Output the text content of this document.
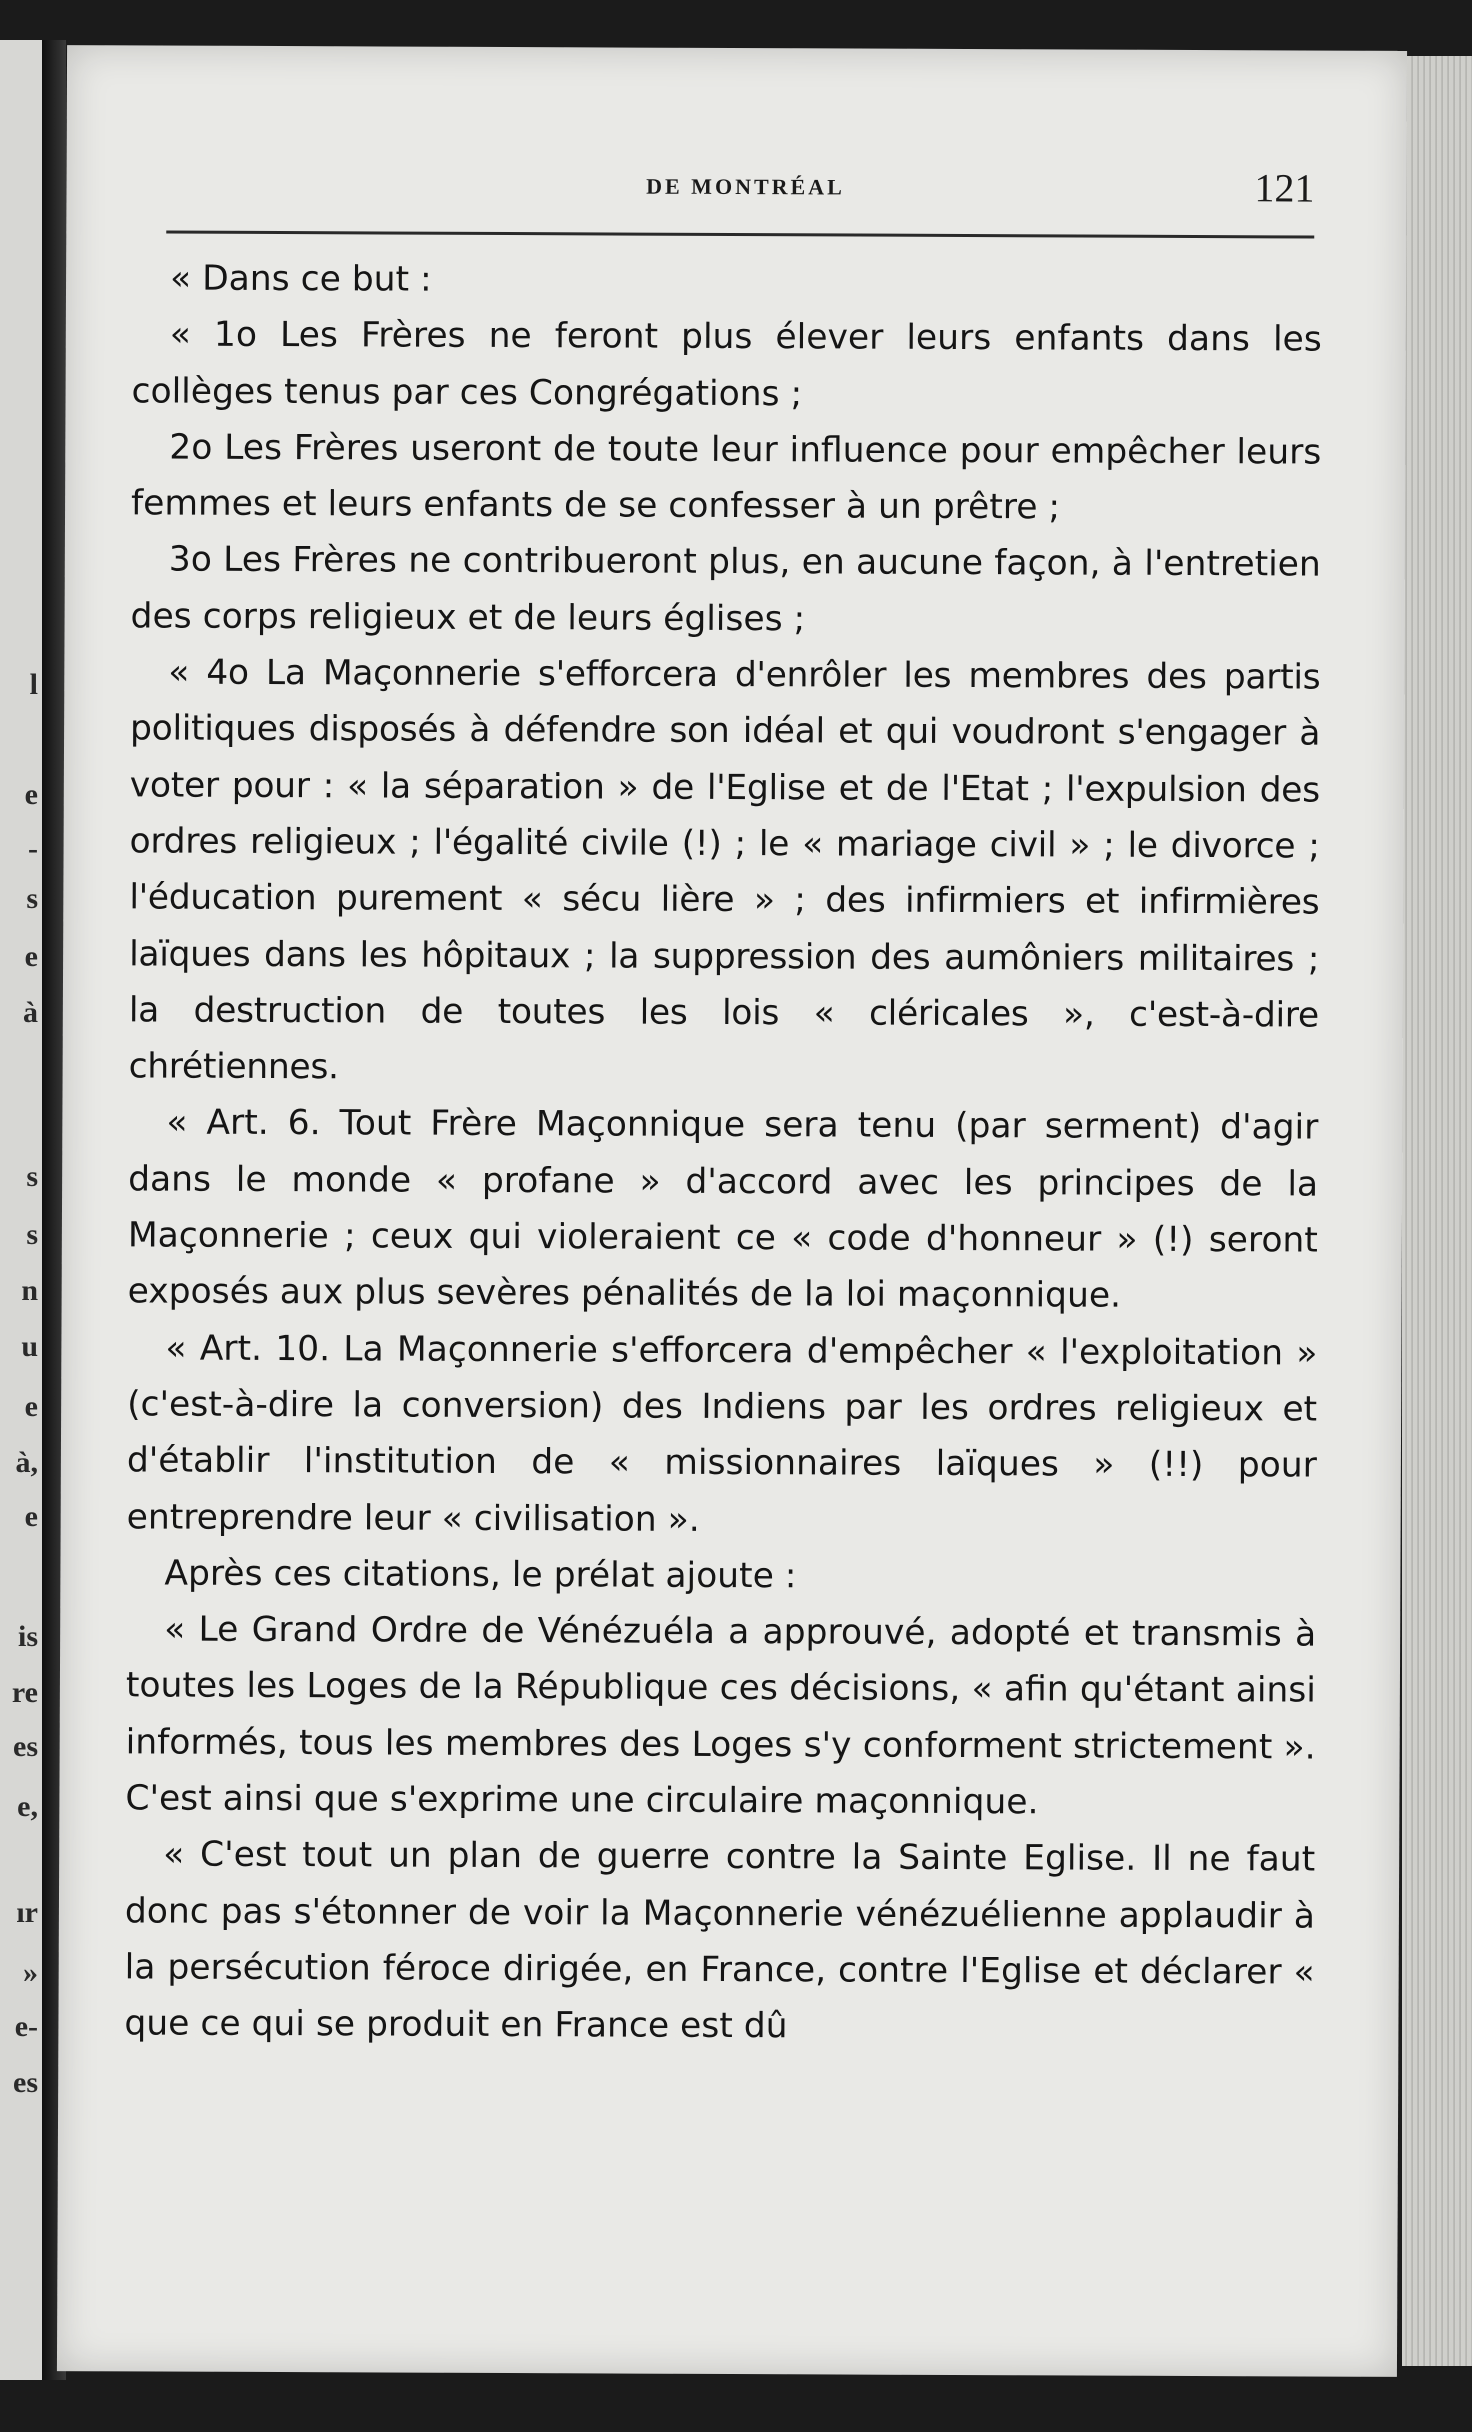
l
e
-
s
e
à
s
s
n
u
e
à,
e
is
re
es
e,
ır
»
e-
es
DE MONTRÉAL	121

« Dans ce but :

« 1o Les Frères ne feront plus élever leurs enfants dans les collèges tenus par ces Congrégations ;

2o Les Frères useront de toute leur influence pour empêcher leurs femmes et leurs enfants de se confesser à un prêtre ;

3o Les Frères ne contribueront plus, en aucune façon, à l'entretien des corps religieux et de leurs églises ;

« 4o La Maçonnerie s'efforcera d'enrôler les membres des partis politiques disposés à défendre son idéal et qui voudront s'engager à voter pour : « la séparation » de l'Eglise et de l'Etat ; l'expulsion des ordres religieux ; l'égalité civile (!) ; le « mariage civil » ; le divorce ; l'éducation purement « sécu lière » ; des infirmiers et infirmières laïques dans les hôpitaux ; la suppression des aumôniers militaires ; la destruction de toutes les lois « cléricales », c'est-à-dire chrétiennes.

« Art. 6. Tout Frère Maçonnique sera tenu (par serment) d'agir dans le monde « profane » d'accord avec les principes de la Maçonnerie ; ceux qui violeraient ce « code d'honneur » (!) seront exposés aux plus sevères pénalités de la loi maçonnique.

« Art. 10. La Maçonnerie s'efforcera d'empêcher « l'exploitation » (c'est-à-dire la conversion) des Indiens par les ordres religieux et d'établir l'institution de « missionnaires laïques » (!!) pour entreprendre leur « civilisation ».

Après ces citations, le prélat ajoute :

« Le Grand Ordre de Vénézuéla a approuvé, adopté et transmis à toutes les Loges de la République ces décisions, « afin qu'étant ainsi informés, tous les membres des Loges s'y conforment strictement ». C'est ainsi que s'exprime une circulaire maçonnique.

« C'est tout un plan de guerre contre la Sainte Eglise. Il ne faut donc pas s'étonner de voir la Maçonnerie vénézuélienne applaudir à la persécution féroce dirigée, en France, contre l'Eglise et déclarer « que ce qui se produit en France est dû
